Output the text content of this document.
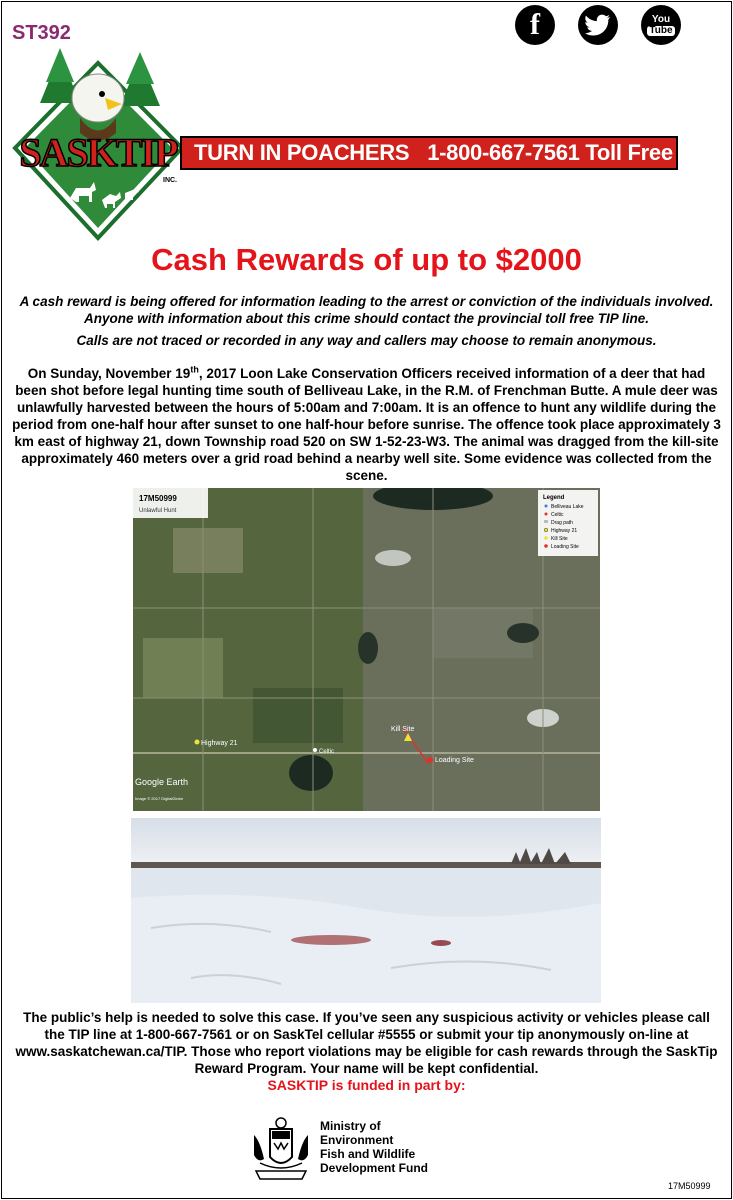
ST392	f	You
Tube
SASKTIP
INC.
TURN IN POACHERS 1-800-667-7561 Toll Free
Cash Rewards of up to $2000
A cash reward is being offered for information leading to the arrest or conviction of the individuals involved. Anyone with information about this crime should contact the provincial toll free TIP line.
Calls are not traced or recorded in any way and callers may choose to remain anonymous.
On Sunday, November 19th, 2017 Loon Lake Conservation Officers received information of a deer that had been shot before legal hunting time south of Belliveau Lake, in the R.M. of Frenchman Butte. A mule deer was unlawfully harvested between the hours of 5:00am and 7:00am. It is an offence to hunt any wildlife during the period from one-half hour after sunset to one half-hour before sunrise. The offence took place approximately 3 km east of highway 21, down Township road 520 on SW 1-52-23-W3. The animal was dragged from the kill-site approximately 460 meters over a grid road behind a nearby well site. Some evidence was collected from the scene.
17M50999
Unlawful Hunt
Legend
Belliveau Lake
Celtic
Drag path
Highway 21
Kill Site
Loading Site
Kill Site
Loading Site
Highway 21
Celtic
Google Earth
Image © 2017 DigitalGlobe
The public’s help is needed to solve this case. If you’ve seen any suspicious activity or vehicles please call the TIP line at 1-800-667-7561 or on SaskTel cellular #5555 or submit your tip anonymously on-line at www.saskatchewan.ca/TIP. Those who report violations may be eligible for cash rewards through the SaskTip Reward Program. Your name will be kept confidential.
SASKTIP is funded in part by:
Ministry of
Environment
Fish and Wildlife
Development Fund
17M50999
